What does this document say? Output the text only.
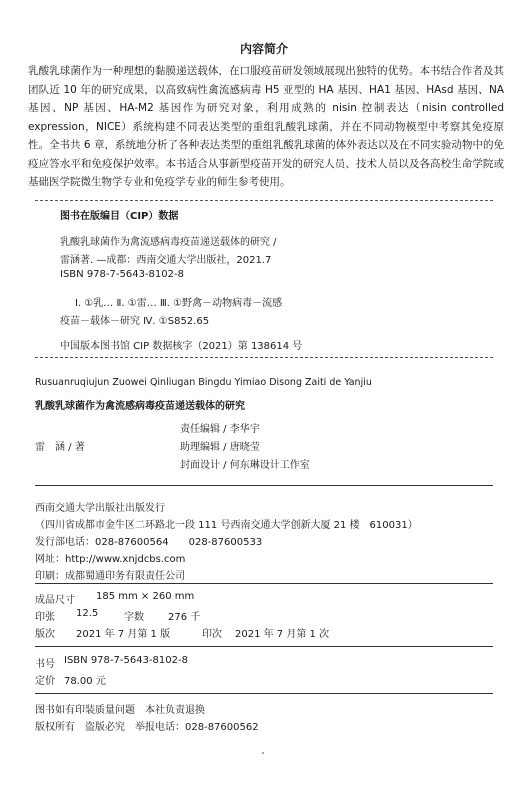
内容简介
乳酸乳球菌作为一种理想的黏膜递送载体，在口服疫苗研发领域展现出独特的优势。本书结合作者及其团队近 10 年的研究成果，以高致病性禽流感病毒 H5 亚型的 HA 基因、HA1 基因、HAsd 基因、NA 基因、NP 基因、HA-M2 基因作为研究对象，利用成熟的 nisin 控制表达（nisin controlled expression，NICE）系统构建不同表达类型的重组乳酸乳球菌，并在不同动物模型中考察其免疫原性。全书共 6 章，系统地分析了各种表达类型的重组乳酸乳球菌的体外表达以及在不同实验动物中的免疫应答水平和免疫保护效率。本书适合从事新型疫苗开发的研究人员、技术人员以及各高校生命学院或基础医学院微生物学专业和免疫学专业的师生参考使用。
图书在版编目（CIP）数据
乳酸乳球菌作为禽流感病毒疫苗递送载体的研究 /
雷涵著. —成都：西南交通大学出版社，2021.7
ISBN 978-7-5643-8102-8
Ⅰ. ①乳… Ⅱ. ①雷… Ⅲ. ①野禽－动物病毒－流感
疫苗－载体－研究 Ⅳ. ①S852.65
中国版本图书馆 CIP 数据核字（2021）第 138614 号
Rusuanruqiujun Zuowei Qinliugan Bingdu Yimiao Disong Zaiti de Yanjiu
乳酸乳球菌作为禽流感病毒疫苗递送载体的研究
责任编辑 / 李华宇
雷　涵 / 著	助理编辑 / 唐晓莹
封面设计 / 何东琳设计工作室
西南交通大学出版社出版发行
（四川省成都市金牛区二环路北一段 111 号西南交通大学创新大厦 21 楼　610031）
发行部电话：028-87600564　　028-87600533
网址：http://www.xnjdcbs.com
印刷：成都蜀通印务有限责任公司
成品尺寸 185 mm × 260 mm
印张 12.5	字数 276 千
版次 2021 年 7 月第 1 版	印次 2021 年 7 月第 1 次
书号 ISBN 978-7-5643-8102-8
定价 78.00 元
图书如有印装质量问题　本社负责退换
版权所有　盗版必究　举报电话：028-87600562
